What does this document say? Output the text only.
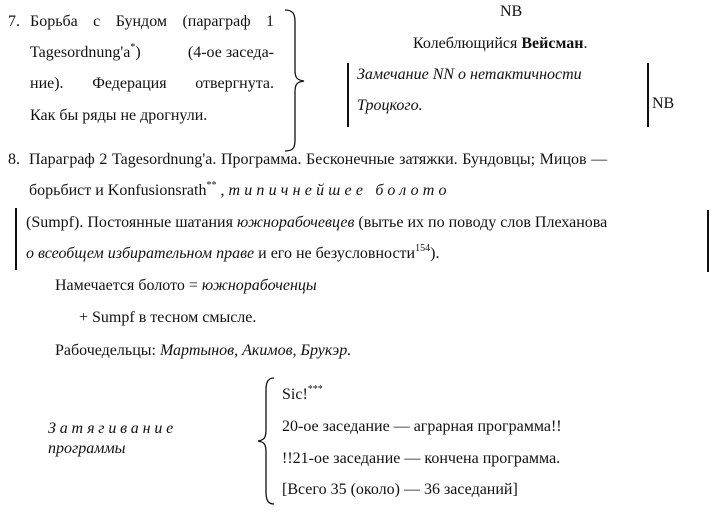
7. Борьба с Бундом (параграф 1
Tagesordnung'a*)	(4-ое заседа-
ние). Федерация отвергнута.
Как бы ряды не дрогнули.
NB
Колеблющийся Вейсман.
Замечание NN о нетактичности
Троцкого.	NB
8. Параграф 2 Tagesordnung'a. Программа. Бесконечные затяжки. Бундовцы; Мицов —
борьбист и Konfusionsrath** , типичнейшее болото
(Sumpf). Постоянные шатания южнорабочевцев (вытье их по поводу слов Плеханова
о всеобщем избирательном праве и его не безусловности$^{154}$).
Намечается болото = южнорабоченцы
+ Sumpf в тесном смысле.
Рабочедельцы: Мартынов, Акимов, Брукэр.
Затягивание
программы
Sic!***
20-ое заседание — аграрная программа!!
!!21-ое заседание — кончена программа.
[Всего 35 (около) — 36 заседаний]
